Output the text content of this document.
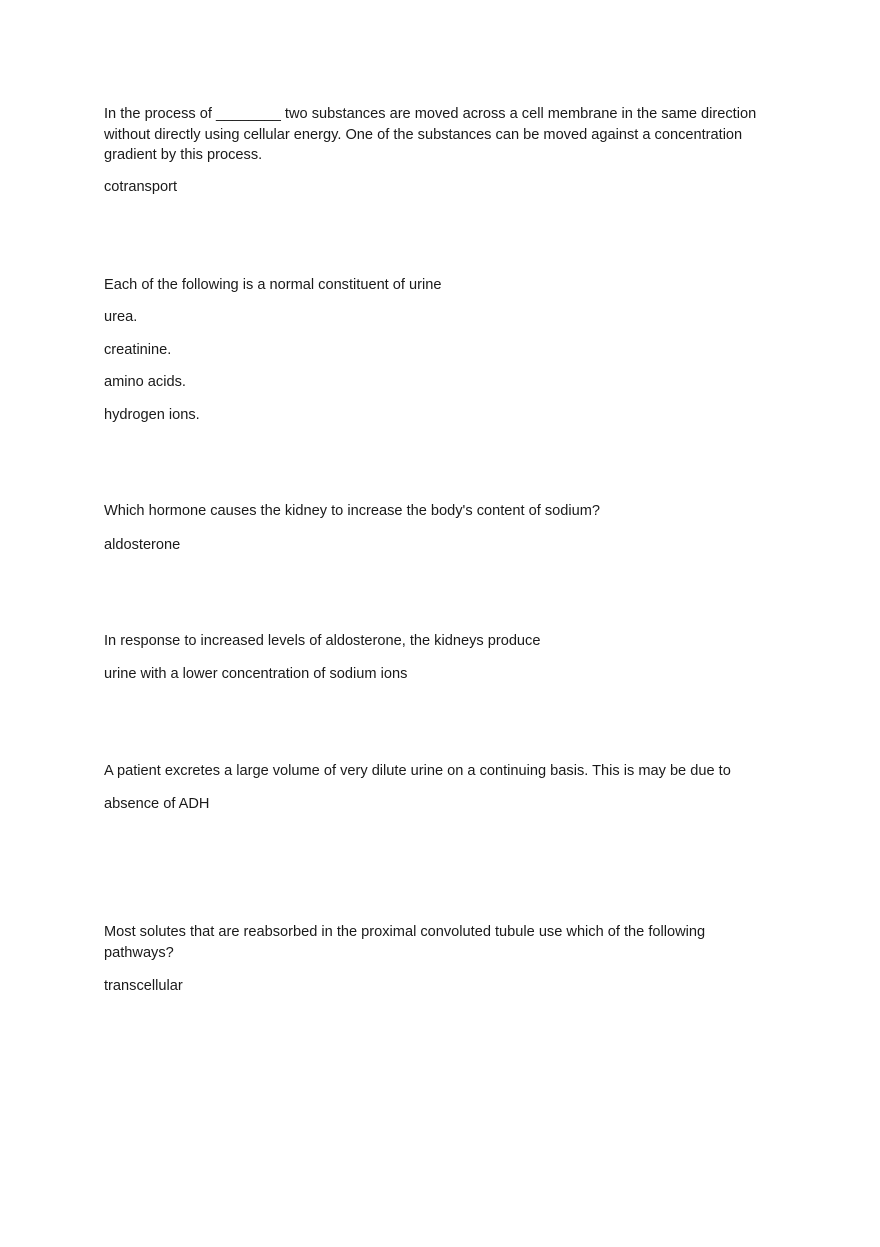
In the process of ________ two substances are moved across a cell membrane in the same direction without directly using cellular energy. One of the substances can be moved against a concentration gradient by this process.

cotransport

Each of the following is a normal constituent of urine

urea.

creatinine.

amino acids.

hydrogen ions.

Which hormone causes the kidney to increase the body's content of sodium?

aldosterone

In response to increased levels of aldosterone, the kidneys produce

urine with a lower concentration of sodium ions

A patient excretes a large volume of very dilute urine on a continuing basis. This is may be due to

absence of ADH

Most solutes that are reabsorbed in the proximal convoluted tubule use which of the following pathways?

transcellular
